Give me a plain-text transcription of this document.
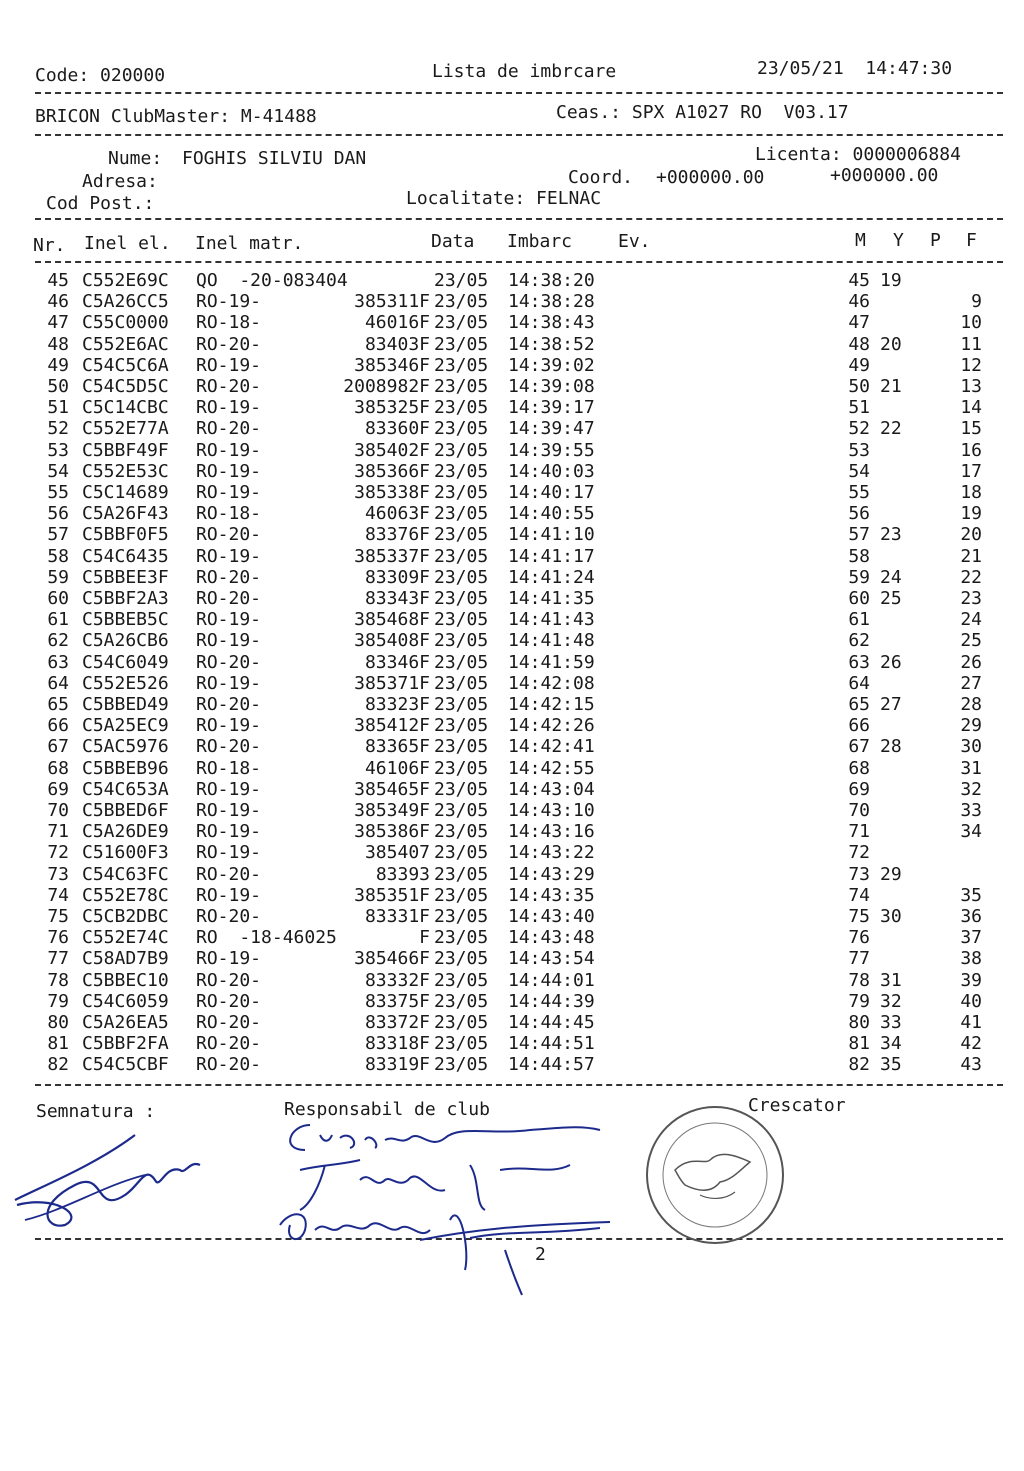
Code: 020000	Lista de imbrcare	23/05/21  14:47:30
BRICON ClubMaster: M-41488	Ceas.: SPX A1027 RO  V03.17
Nume: FOGHIS SILVIU DAN	Licenta: 0000006884
Adresa:	Coord. +000000.00	+000000.00
Cod Post.:	Localitate: FELNAC
Nr. Inel el. Inel matr.	Data Imbarc	Ev.	M Y P F
45 C552E69C	QO  -20-083404	23/05	14:38:20	45 19
46 C5A26CC5	RO-19-	385311F 23/05	14:38:28	46	9
47 C55C0000	RO-18-	46016F 23/05	14:38:43	47	10
48 C552E6AC	RO-20-	83403F 23/05	14:38:52	48 20	11
49 C54C5C6A	RO-19-	385346F 23/05	14:39:02	49	12
50 C54C5D5C	RO-20-	2008982F 23/05	14:39:08	50 21	13
51 C5C14CBC	RO-19-	385325F 23/05	14:39:17	51	14
52 C552E77A	RO-20-	83360F 23/05	14:39:47	52 22	15
53 C5BBF49F	RO-19-	385402F 23/05	14:39:55	53	16
54 C552E53C	RO-19-	385366F 23/05	14:40:03	54	17
55 C5C14689	RO-19-	385338F 23/05	14:40:17	55	18
56 C5A26F43	RO-18-	46063F 23/05	14:40:55	56	19
57 C5BBF0F5	RO-20-	83376F 23/05	14:41:10	57 23	20
58 C54C6435	RO-19-	385337F 23/05	14:41:17	58	21
59 C5BBEE3F	RO-20-	83309F 23/05	14:41:24	59 24	22
60 C5BBF2A3	RO-20-	83343F 23/05	14:41:35	60 25	23
61 C5BBEB5C	RO-19-	385468F 23/05	14:41:43	61	24
62 C5A26CB6	RO-19-	385408F 23/05	14:41:48	62	25
63 C54C6049	RO-20-	83346F 23/05	14:41:59	63 26	26
64 C552E526	RO-19-	385371F 23/05	14:42:08	64	27
65 C5BBED49	RO-20-	83323F 23/05	14:42:15	65 27	28
66 C5A25EC9	RO-19-	385412F 23/05	14:42:26	66	29
67 C5AC5976	RO-20-	83365F 23/05	14:42:41	67 28	30
68 C5BBEB96	RO-18-	46106F 23/05	14:42:55	68	31
69 C54C653A	RO-19-	385465F 23/05	14:43:04	69	32
70 C5BBED6F	RO-19-	385349F 23/05	14:43:10	70	33
71 C5A26DE9	RO-19-	385386F 23/05	14:43:16	71	34
72 C51600F3	RO-19-	385407 23/05	14:43:22	72
73 C54C63FC	RO-20-	83393 23/05	14:43:29	73 29
74 C552E78C	RO-19-	385351F 23/05	14:43:35	74	35
75 C5CB2DBC	RO-20-	83331F 23/05	14:43:40	75 30	36
76 C552E74C	RO  -18-46025	F 23/05	14:43:48	76	37
77 C58AD7B9	RO-19-	385466F 23/05	14:43:54	77	38
78 C5BBEC10	RO-20-	83332F 23/05	14:44:01	78 31	39
79 C54C6059	RO-20-	83375F 23/05	14:44:39	79 32	40
80 C5A26EA5	RO-20-	83372F 23/05	14:44:45	80 33	41
81 C5BBF2FA	RO-20-	83318F 23/05	14:44:51	81 34	42
82 C54C5CBF	RO-20-	83319F 23/05	14:44:57	82 35	43
Semnatura :	Responsabil de club	Crescator
2
